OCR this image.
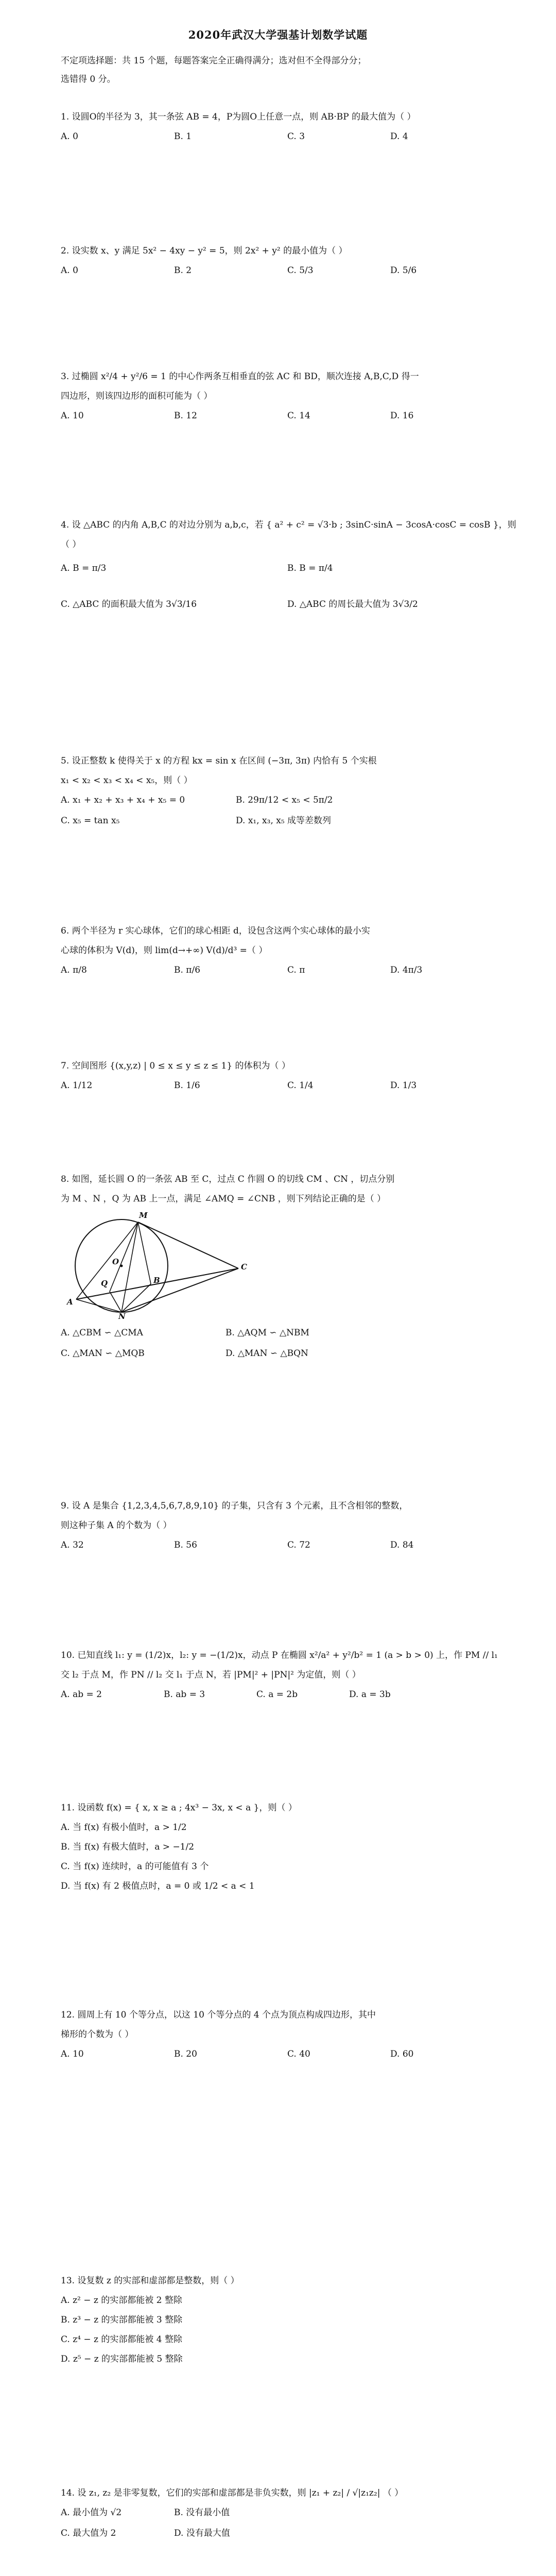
2020年武汉大学强基计划数学试题
不定项选择题：共 15 个题，每题答案完全正确得满分；选对但不全得部分分；
选错得 0 分。
1. 设圆O的半径为 3，其一条弦 AB = 4，P为圆O上任意一点，则 AB·BP 的最大值为（ ）
A. 0	B. 1	C. 3	D. 4
2. 设实数 x、y 满足 5x² − 4xy − y² = 5，则 2x² + y² 的最小值为（ ）
A. 0	B. 2	C. 5/3	D. 5/6
3. 过椭圆 x²/4 + y²/6 = 1 的中心作两条互相垂直的弦 AC 和 BD，顺次连接 A,B,C,D 得一
四边形，则该四边形的面积可能为（ ）
A. 10	B. 12	C. 14	D. 16
4. 设 △ABC 的内角 A,B,C 的对边分别为 a,b,c，若 { a² + c² = √3·b ; 3sinC·sinA − 3cosA·cosC = cosB }，则（ ）
A. B = π/3	B. B = π/4
C. △ABC 的面积最大值为 3√3/16	D. △ABC 的周长最大值为 3√3/2
5. 设正整数 k 使得关于 x 的方程 kx = sin x 在区间 (−3π, 3π) 内恰有 5 个实根
x₁ < x₂ < x₃ < x₄ < x₅，则（ ）
A. x₁ + x₂ + x₃ + x₄ + x₅ = 0	B. 29π/12 < x₅ < 5π/2
C. x₅ = tan x₅	D. x₁, x₃, x₅ 成等差数列
6. 两个半径为 r 实心球体，它们的球心相距 d，设包含这两个实心球体的最小实
心球的体积为 V(d)，则 lim(d→+∞) V(d)/d³ =（ ）
A. π/8	B. π/6	C. π	D. 4π/3
7. 空间图形 {(x,y,z) | 0 ≤ x ≤ y ≤ z ≤ 1} 的体积为（ ）
A. 1/12	B. 1/6	C. 1/4	D. 1/3
8. 如图，延长圆 O 的一条弦 AB 至 C，过点 C 作圆 O 的切线 CM 、CN ，切点分别
为 M 、N ，Q 为 AB 上一点，满足 ∠AMQ = ∠CNB ，则下列结论正确的是（ ）
M
O
Q	B
C
A
N
A. △CBM ∽ △CMA	B. △AQM ∽ △NBM
C. △MAN ∽ △MQB	D. △MAN ∽ △BQN
9. 设 A 是集合 {1,2,3,4,5,6,7,8,9,10} 的子集，只含有 3 个元素，且不含相邻的整数，
则这种子集 A 的个数为（ ）
A. 32	B. 56	C. 72	D. 84
10. 已知直线 l₁: y = (1/2)x，l₂: y = −(1/2)x，动点 P 在椭圆 x²/a² + y²/b² = 1 (a > b > 0) 上，作 PM // l₁
交 l₂ 于点 M，作 PN // l₂ 交 l₁ 于点 N，若 |PM|² + |PN|² 为定值，则（ ）
A. ab = 2	B. ab = 3	C. a = 2b	D. a = 3b
11. 设函数 f(x) = { x, x ≥ a ; 4x³ − 3x, x < a }，则（ ）
A. 当 f(x) 有极小值时，a > 1/2
B. 当 f(x) 有极大值时，a > −1/2
C. 当 f(x) 连续时，a 的可能值有 3 个
D. 当 f(x) 有 2 极值点时，a = 0 或 1/2 < a < 1
12. 圆周上有 10 个等分点，以这 10 个等分点的 4 个点为顶点构成四边形，其中
梯形的个数为（ ）
A. 10	B. 20	C. 40	D. 60
13. 设复数 z 的实部和虚部都是整数，则（ ）
A. z² − z 的实部都能被 2 整除
B. z³ − z 的实部都能被 3 整除
C. z⁴ − z 的实部都能被 4 整除
D. z⁵ − z 的实部都能被 5 整除
14. 设 z₁, z₂ 是非零复数，它们的实部和虚部都是非负实数，则 |z₁ + z₂| / √|z₁z₂| （ ）
A. 最小值为 √2	B. 没有最小值
C. 最大值为 2	D. 没有最大值
